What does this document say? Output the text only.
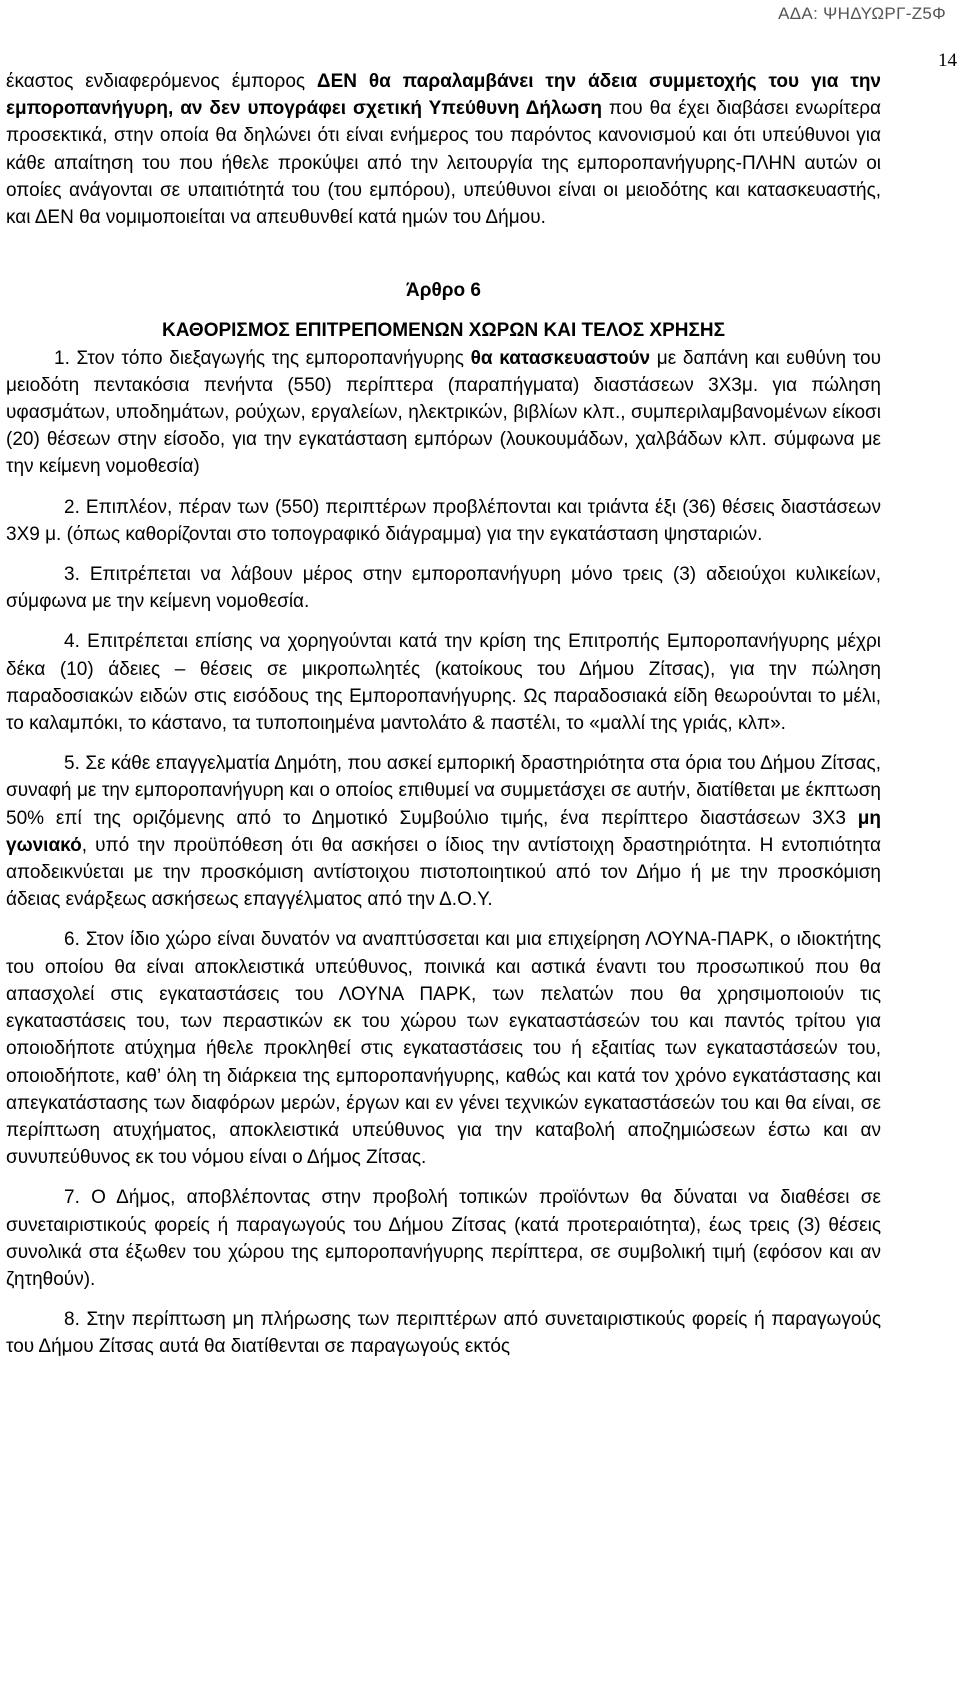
ΑΔΑ: ΨΗΔΥΩΡΓ-Ζ5Φ
14

έκαστος ενδιαφερόμενος έμπορος ΔΕΝ θα παραλαμβάνει την άδεια συμμετοχής του για την εμποροπανήγυρη, αν δεν υπογράφει σχετική Υπεύθυνη Δήλωση που θα έχει διαβάσει ενωρίτερα προσεκτικά, στην οποία θα δηλώνει ότι είναι ενήμερος του παρόντος κανονισμού και ότι υπεύθυνοι για κάθε απαίτηση του που ήθελε προκύψει από την λειτουργία της εμποροπανήγυρης-ΠΛΗΝ αυτών οι οποίες ανάγονται σε υπαιτιότητά του (του εμπόρου), υπεύθυνοι είναι οι μειοδότης και κατασκευαστής, και ΔΕΝ θα νομιμοποιείται να απευθυνθεί κατά ημών του Δήμου.

Άρθρο 6

ΚΑΘΟΡΙΣΜΟΣ ΕΠΙΤΡΕΠΟΜΕΝΩΝ ΧΩΡΩΝ ΚΑΙ ΤΕΛΟΣ ΧΡΗΣΗΣ

1. Στον τόπο διεξαγωγής της εμποροπανήγυρης θα κατασκευαστούν με δαπάνη και ευθύνη του μειοδότη πεντακόσια πενήντα (550) περίπτερα (παραπήγματα) διαστάσεων 3Χ3μ. για πώληση υφασμάτων, υποδημάτων, ρούχων, εργαλείων, ηλεκτρικών, βιβλίων κλπ., συμπεριλαμβανομένων είκοσι (20) θέσεων στην είσοδο, για την εγκατάσταση εμπόρων (λουκουμάδων, χαλβάδων κλπ. σύμφωνα με την κείμενη νομοθεσία)

2. Επιπλέον, πέραν των (550) περιπτέρων προβλέπονται και τριάντα έξι (36) θέσεις διαστάσεων 3Χ9 μ. (όπως καθορίζονται στο τοπογραφικό διάγραμμα) για την εγκατάσταση ψησταριών.

3. Επιτρέπεται να λάβουν μέρος στην εμποροπανήγυρη μόνο τρεις (3) αδειούχοι κυλικείων, σύμφωνα με την κείμενη νομοθεσία.

4. Επιτρέπεται επίσης να χορηγούνται κατά την κρίση της Επιτροπής Εμποροπανήγυρης μέχρι δέκα (10) άδειες – θέσεις σε μικροπωλητές (κατοίκους του Δήμου Ζίτσας), για την πώληση παραδοσιακών ειδών στις εισόδους της Εμποροπανήγυρης. Ως παραδοσιακά είδη θεωρούνται το μέλι, το καλαμπόκι, το κάστανο, τα τυποποιημένα μαντολάτο & παστέλι, το «μαλλί της γριάς, κλπ».

5. Σε κάθε επαγγελματία Δημότη, που ασκεί εμπορική δραστηριότητα στα όρια του Δήμου Ζίτσας, συναφή με την εμποροπανήγυρη και ο οποίος επιθυμεί να συμμετάσχει σε αυτήν, διατίθεται με έκπτωση 50% επί της οριζόμενης από το Δημοτικό Συμβούλιο τιμής, ένα περίπτερο διαστάσεων 3Χ3 μη γωνιακό, υπό την προϋπόθεση ότι θα ασκήσει ο ίδιος την αντίστοιχη δραστηριότητα. Η εντοπιότητα αποδεικνύεται με την προσκόμιση αντίστοιχου πιστοποιητικού από τον Δήμο ή με την προσκόμιση άδειας ενάρξεως ασκήσεως επαγγέλματος από την Δ.Ο.Υ.

6. Στον ίδιο χώρο είναι δυνατόν να αναπτύσσεται και μια επιχείρηση ΛΟΥΝΑ-ΠΑΡΚ, ο ιδιοκτήτης του οποίου θα είναι αποκλειστικά υπεύθυνος, ποινικά και αστικά έναντι του προσωπικού που θα απασχολεί στις εγκαταστάσεις του ΛΟΥΝΑ ΠΑΡΚ, των πελατών που θα χρησιμοποιούν τις εγκαταστάσεις του, των περαστικών εκ του χώρου των εγκαταστάσεών του και παντός τρίτου για οποιοδήποτε ατύχημα ήθελε προκληθεί στις εγκαταστάσεις του ή εξαιτίας των εγκαταστάσεών του, οποιοδήποτε, καθ’ όλη τη διάρκεια της εμποροπανήγυρης, καθώς και κατά τον χρόνο εγκατάστασης και απεγκατάστασης των διαφόρων μερών, έργων και εν γένει τεχνικών εγκαταστάσεών του και θα είναι, σε περίπτωση ατυχήματος, αποκλειστικά υπεύθυνος για την καταβολή αποζημιώσεων έστω και αν συνυπεύθυνος εκ του νόμου είναι ο Δήμος Ζίτσας.

7. Ο Δήμος, αποβλέποντας στην προβολή τοπικών προϊόντων θα δύναται να διαθέσει σε συνεταιριστικούς φορείς ή παραγωγούς του Δήμου Ζίτσας (κατά προτεραιότητα), έως τρεις (3) θέσεις συνολικά στα έξωθεν του χώρου της εμποροπανήγυρης περίπτερα, σε συμβολική τιμή (εφόσον και αν ζητηθούν).

8. Στην περίπτωση μη πλήρωσης των περιπτέρων από συνεταιριστικούς φορείς ή παραγωγούς του Δήμου Ζίτσας αυτά θα διατίθενται σε παραγωγούς εκτός
